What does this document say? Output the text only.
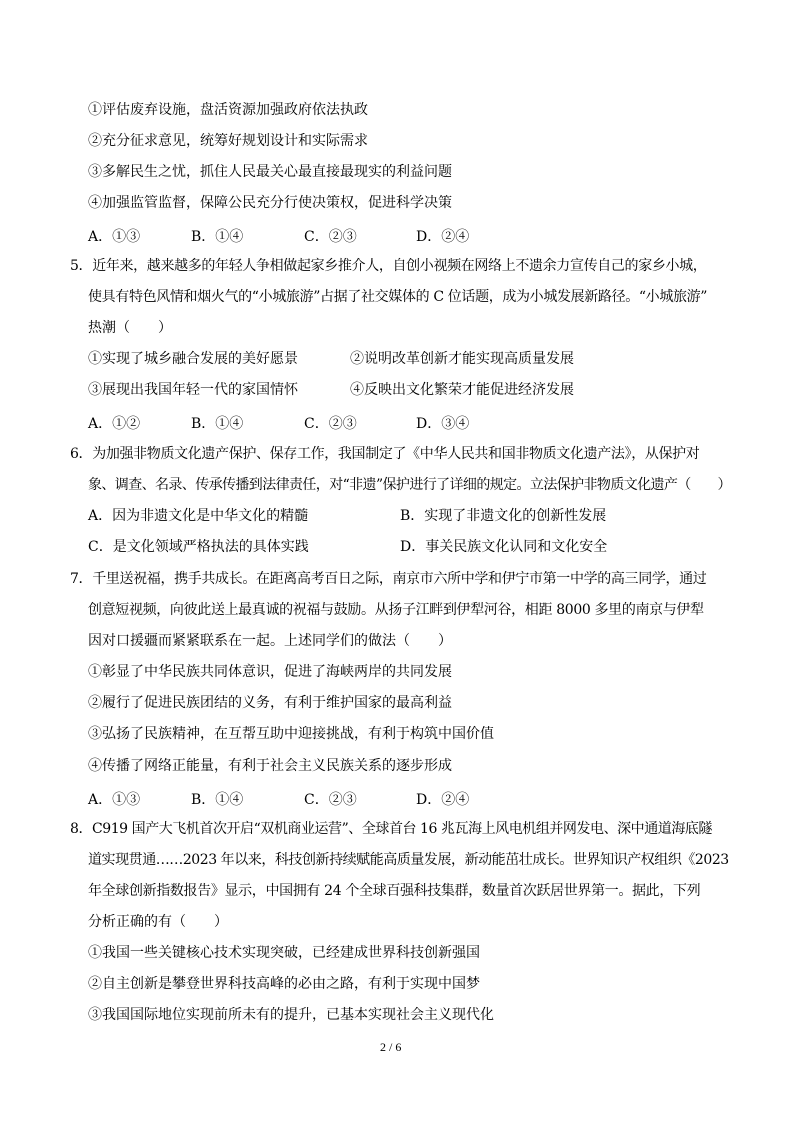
①评估废弃设施，盘活资源加强政府依法执政
②充分征求意见，统筹好规划设计和实际需求
③多解民生之忧，抓住人民最关心最直接最现实的利益问题
④加强监管监督，保障公民充分行使决策权，促进科学决策
A．①③	B．①④	C．②③	D．②④
5．近年来，越来越多的年轻人争相做起家乡推介人，自创小视频在网络上不遗余力宣传自己的家乡小城，
使具有特色风情和烟火气的“小城旅游”占据了社交媒体的 C 位话题，成为小城发展新路径。“小城旅游”
热潮（　　）
①实现了城乡融合发展的美好愿景	②说明改革创新才能实现高质量发展
③展现出我国年轻一代的家国情怀	④反映出文化繁荣才能促进经济发展
A．①②	B．①④	C．②③	D．③④
6．为加强非物质文化遗产保护、保存工作，我国制定了《中华人民共和国非物质文化遗产法》，从保护对
象、调查、名录、传承传播到法律责任，对“非遗”保护进行了详细的规定。立法保护非物质文化遗产（　　）
A．因为非遗文化是中华文化的精髓	B．实现了非遗文化的创新性发展
C．是文化领域严格执法的具体实践	D．事关民族文化认同和文化安全
7．千里送祝福，携手共成长。在距离高考百日之际，南京市六所中学和伊宁市第一中学的高三同学，通过
创意短视频，向彼此送上最真诚的祝福与鼓励。从扬子江畔到伊犁河谷，相距 8000 多里的南京与伊犁
因对口援疆而紧紧联系在一起。上述同学们的做法（　　）
①彰显了中华民族共同体意识，促进了海峡两岸的共同发展
②履行了促进民族团结的义务，有利于维护国家的最高利益
③弘扬了民族精神，在互帮互助中迎接挑战，有利于构筑中国价值
④传播了网络正能量，有利于社会主义民族关系的逐步形成
A．①③	B．①④	C．②③	D．②④
8．C919 国产大飞机首次开启“双机商业运营”、全球首台 16 兆瓦海上风电机组并网发电、深中通道海底隧
道实现贯通……2023 年以来，科技创新持续赋能高质量发展，新动能茁壮成长。世界知识产权组织《2023
年全球创新指数报告》显示，中国拥有 24 个全球百强科技集群，数量首次跃居世界第一。据此，下列
分析正确的有（　　）
①我国一些关键核心技术实现突破，已经建成世界科技创新强国
②自主创新是攀登世界科技高峰的必由之路，有利于实现中国梦
③我国国际地位实现前所未有的提升，已基本实现社会主义现代化
2 / 6
